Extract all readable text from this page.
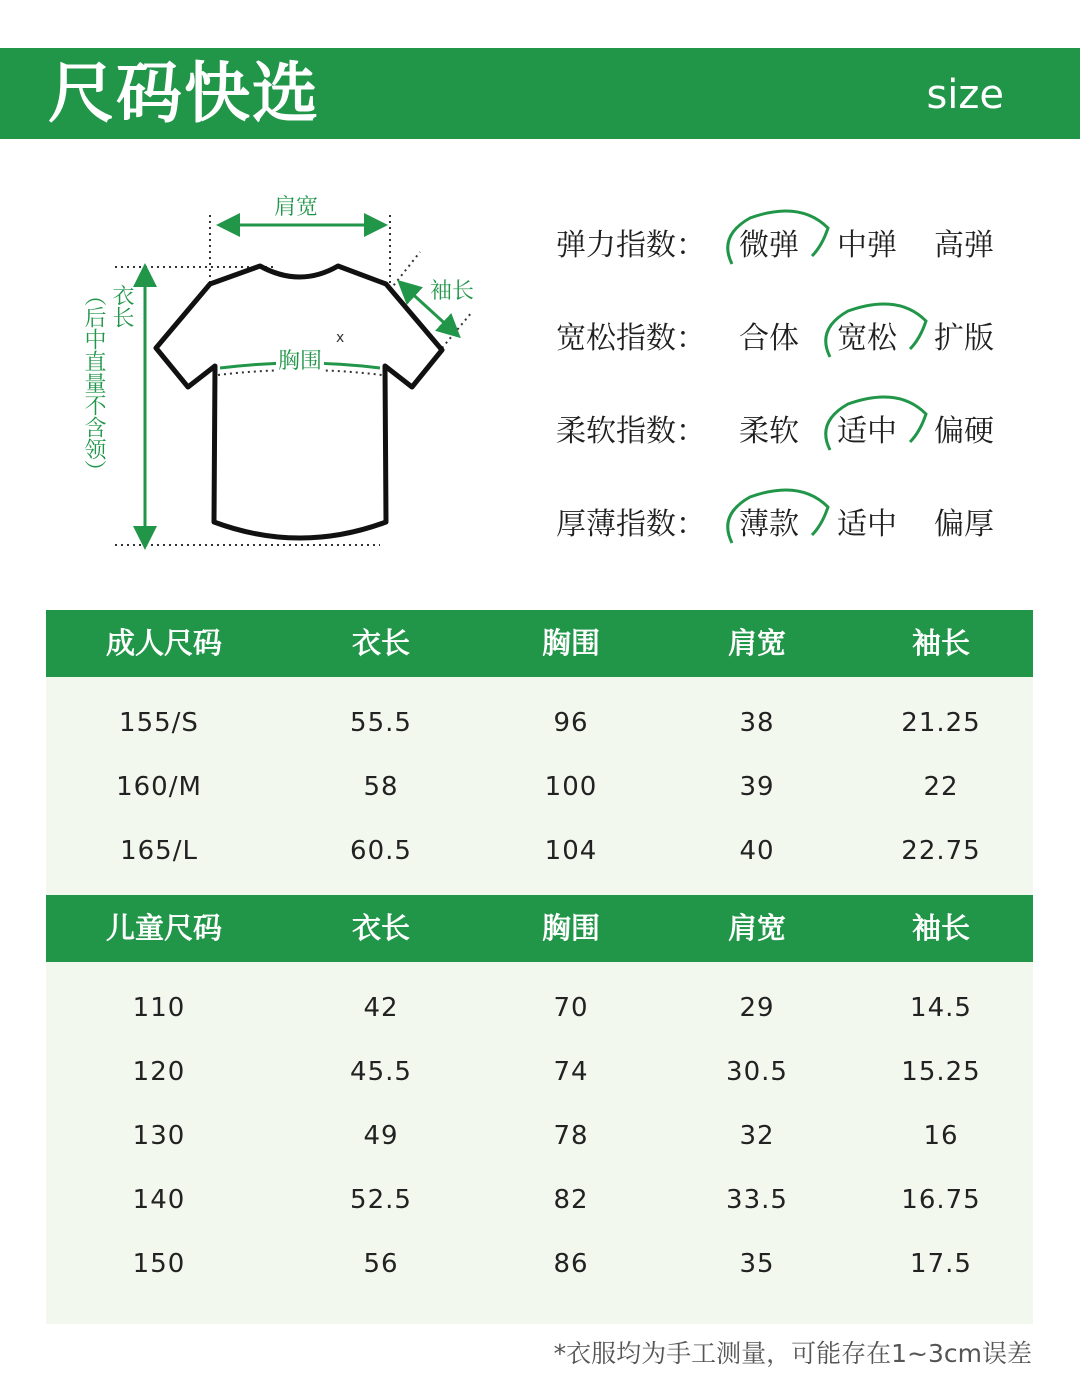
尺码快选	size
x
肩宽
袖长
胸围
衣长
（后中直量不含领）
弹力指数： 微弹 中弹 高弹
宽松指数： 合体 宽松 扩版
柔软指数： 柔软 适中 偏硬
厚薄指数： 薄款 适中 偏厚
成人尺码	衣长	胸围	肩宽	袖长
155/S	55.5	96	38	21.25
160/M	58	100	39	22
165/L	60.5	104	40	22.75
儿童尺码	衣长	胸围	肩宽	袖长
110	42	70	29	14.5
120	45.5	74	30.5	15.25
130	49	78	32	16
140	52.5	82	33.5	16.75
150	56	86	35	17.5
*衣服均为手工测量，可能存在1~3cm误差
